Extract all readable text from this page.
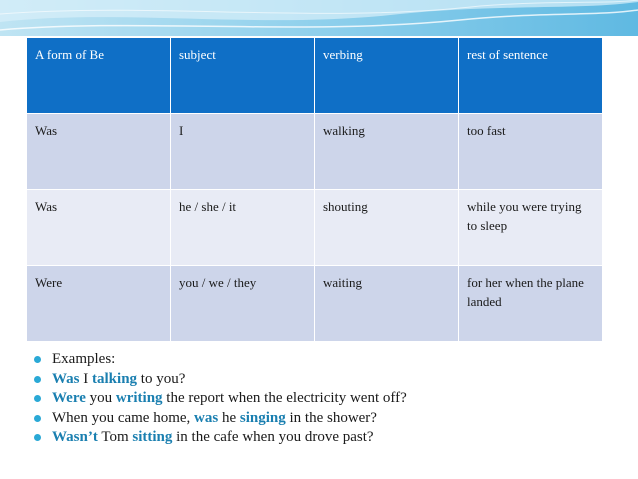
A form of Be	subject	verbing	rest of sentence
Was	I	walking	too fast
Was	he / she / it	shouting	while you were trying to sleep
Were	you / we / they	waiting	for her when the plane landed
Examples:
Was I talking to you?
Were you writing the report when the electricity went off?
When you came home, was he singing in the shower?
Wasn’t Tom sitting in the cafe when you drove past?
